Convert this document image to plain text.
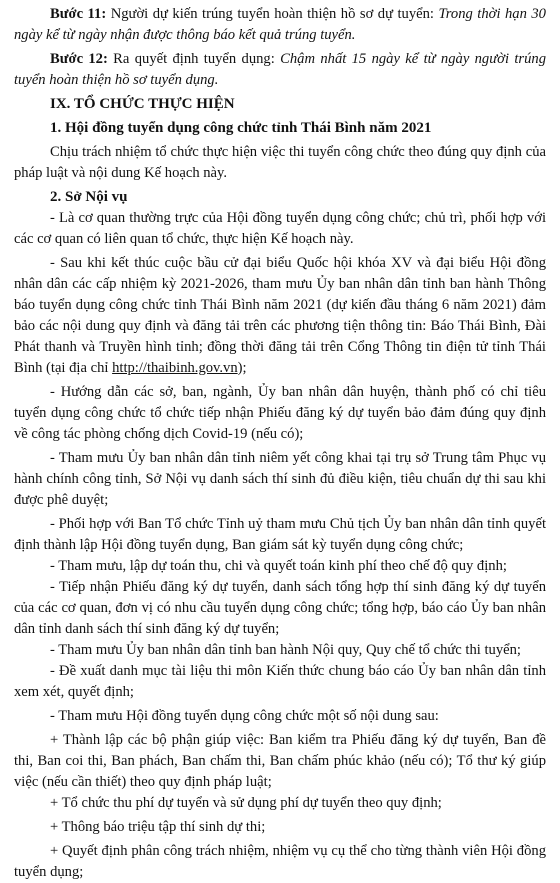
Bước 11: Người dự kiến trúng tuyển hoàn thiện hồ sơ dự tuyển: Trong thời hạn 30 ngày kể từ ngày nhận được thông báo kết quả trúng tuyển.

Bước 12: Ra quyết định tuyển dụng: Chậm nhất 15 ngày kể từ ngày người trúng tuyển hoàn thiện hồ sơ tuyển dụng.

IX. TỔ CHỨC THỰC HIỆN

1. Hội đồng tuyển dụng công chức tỉnh Thái Bình năm 2021

Chịu trách nhiệm tổ chức thực hiện việc thi tuyển công chức theo đúng quy định của pháp luật và nội dung Kế hoạch này.

2. Sở Nội vụ

- Là cơ quan thường trực của Hội đồng tuyển dụng công chức; chủ trì, phối hợp với các cơ quan có liên quan tổ chức, thực hiện Kế hoạch này.

- Sau khi kết thúc cuộc bầu cử đại biểu Quốc hội khóa XV và đại biểu Hội đồng nhân dân các cấp nhiệm kỳ 2021-2026, tham mưu Ủy ban nhân dân tỉnh ban hành Thông báo tuyển dụng công chức tỉnh Thái Bình năm 2021 (dự kiến đầu tháng 6 năm 2021) đảm bảo các nội dung quy định và đăng tải trên các phương tiện thông tin: Báo Thái Bình, Đài Phát thanh và Truyền hình tỉnh; đồng thời đăng tải trên Cổng Thông tin điện tử tỉnh Thái Bình (tại địa chỉ http://thaibinh.gov.vn);

- Hướng dẫn các sở, ban, ngành, Ủy ban nhân dân huyện, thành phố có chỉ tiêu tuyển dụng công chức tổ chức tiếp nhận Phiếu đăng ký dự tuyển bảo đảm đúng quy định về công tác phòng chống dịch Covid-19 (nếu có);

- Tham mưu Ủy ban nhân dân tỉnh niêm yết công khai tại trụ sở Trung tâm Phục vụ hành chính công tỉnh, Sở Nội vụ danh sách thí sinh đủ điều kiện, tiêu chuẩn dự thi sau khi được phê duyệt;

- Phối hợp với Ban Tổ chức Tỉnh uỷ tham mưu Chủ tịch Ủy ban nhân dân tỉnh quyết định thành lập Hội đồng tuyển dụng, Ban giám sát kỳ tuyển dụng công chức;

- Tham mưu, lập dự toán thu, chi và quyết toán kinh phí theo chế độ quy định;

- Tiếp nhận Phiếu đăng ký dự tuyển, danh sách tổng hợp thí sinh đăng ký dự tuyển của các cơ quan, đơn vị có nhu cầu tuyển dụng công chức; tổng hợp, báo cáo Ủy ban nhân dân tỉnh danh sách thí sinh đăng ký dự tuyển;

- Tham mưu Ủy ban nhân dân tỉnh ban hành Nội quy, Quy chế tổ chức thi tuyển;

- Đề xuất danh mục tài liệu thi môn Kiến thức chung báo cáo Ủy ban nhân dân tỉnh xem xét, quyết định;

- Tham mưu Hội đồng tuyển dụng công chức một số nội dung sau:

+ Thành lập các bộ phận giúp việc: Ban kiểm tra Phiếu đăng ký dự tuyển, Ban đề thi, Ban coi thi, Ban phách, Ban chấm thi, Ban chấm phúc khảo (nếu có); Tổ thư ký giúp việc (nếu cần thiết) theo quy định pháp luật;

+ Tổ chức thu phí dự tuyển và sử dụng phí dự tuyển theo quy định;

+ Thông báo triệu tập thí sinh dự thi;

+ Quyết định phân công trách nhiệm, nhiệm vụ cụ thể cho từng thành viên Hội đồng tuyển dụng;
